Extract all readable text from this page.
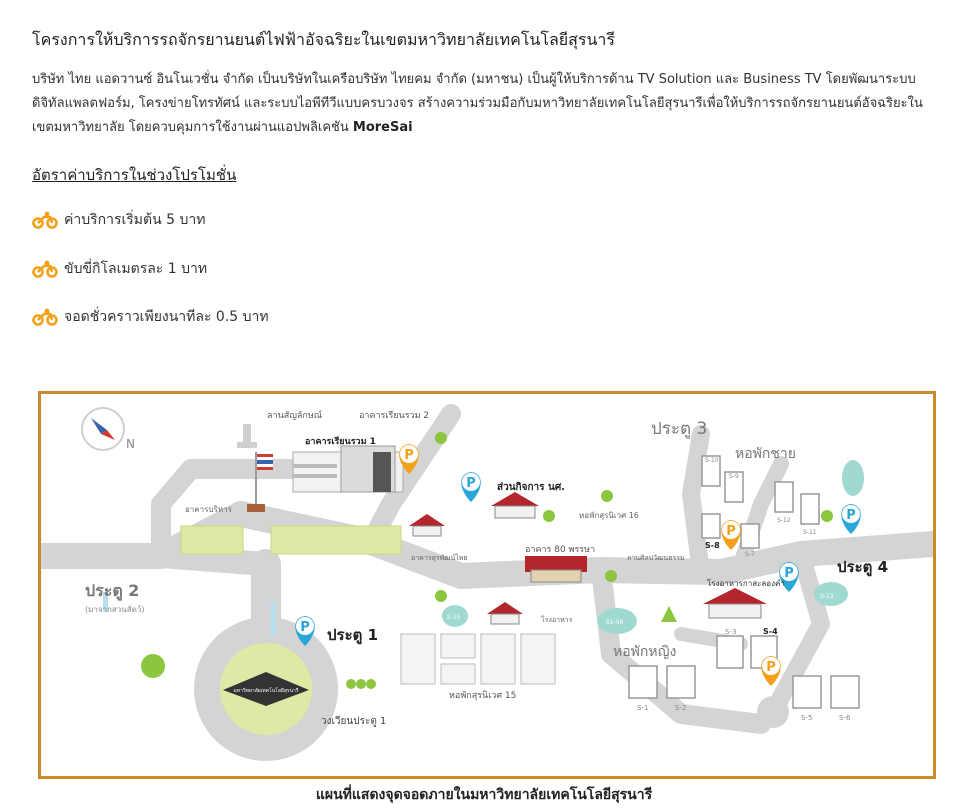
โครงการให้บริการรถจักรยานยนต์ไฟฟ้าอัจฉริยะในเขตมหาวิทยาลัยเทคโนโลยีสุรนารี
บริษัท ไทย แอดวานซ์ อินโนเวชั่น จำกัด เป็นบริษัทในเครือบริษัท ไทยคม จำกัด (มหาชน) เป็นผู้ให้บริการด้าน TV Solution และ Business TV โดยพัฒนาระบบดิจิทัลแพลตฟอร์ม, โครงข่ายโทรทัศน์ และระบบไอพีทีวีแบบครบวงจร สร้างความร่วมมือกับมหาวิทยาลัยเทคโนโลยีสุรนารีเพื่อให้บริการรถจักรยานยนต์อัจฉริยะในเขตมหาวิทยาลัย โดยควบคุมการใช้งานผ่านแอปพลิเคชัน MoreSai
อัตราค่าบริการในช่วงโปรโมชั่น
ค่าบริการเริ่มต้น 5 บาท
ขับขี่กิโลเมตรละ 1 บาท
จอดชั่วคราวเพียงนาทีละ 0.5 บาท
N
P
P
P
P
P
P
P
มหาวิทยาลัยเทคโนโลยีสุรนารี
ลานสัญลักษณ์	อาคารเรียนรวม 2
อาคารเรียนรวม 1
อาคารบริหาร
อาคารสุรพัฒน์ไทย
ส่วนกิจการ นศ.
อาคาร 80 พรรษา
หอพักสุรนิเวศ 16
ลานศิลปวัฒนธรรม
โรงอาหาร
โรงอาหารกาสะลองคำ
หอพักสุรนิเวศ 15
วงเวียนประตู 1
หอพักชาย
หอพักหญิง
ประตู 2
(มาจากสวนสัตว์)
ประตู 1
ประตู 3
ประตู 4
S-10
S-9
S-12
S-11
S-8
S-7
S-13
S-3	S-4
S-1	S-2
S-5	S-6
S-15
S1-56
แผนที่แสดงจุดจอดภายในมหาวิทยาลัยเทคโนโลยีสุรนารี
